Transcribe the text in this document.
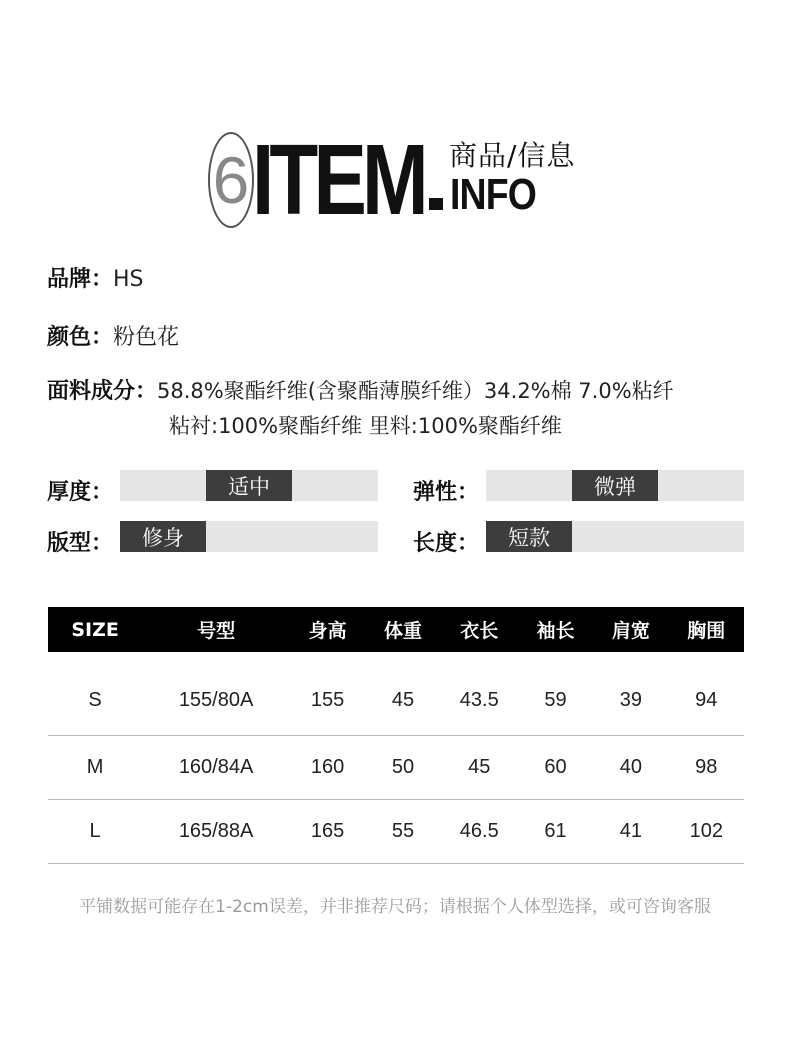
6 ITEM 商品/信息
INFO
品牌：HS
颜色：粉色花
面料成分：58.8%聚酯纤维(含聚酯薄膜纤维）34.2%棉 7.0%粘纤
粘衬:100%聚酯纤维 里料:100%聚酯纤维
厚度：	适中	弹性：	微弹
版型：	修身	长度：	短款
SIZE	号型	身高	体重	衣长	袖长	肩宽	胸围
S	155/80A	155	45	43.5	59	39	94
M	160/84A	160	50	45	60	40	98
L	165/88A	165	55	46.5	61	41	102
平铺数据可能存在1-2cm误差，并非推荐尺码；请根据个人体型选择，或可咨询客服
